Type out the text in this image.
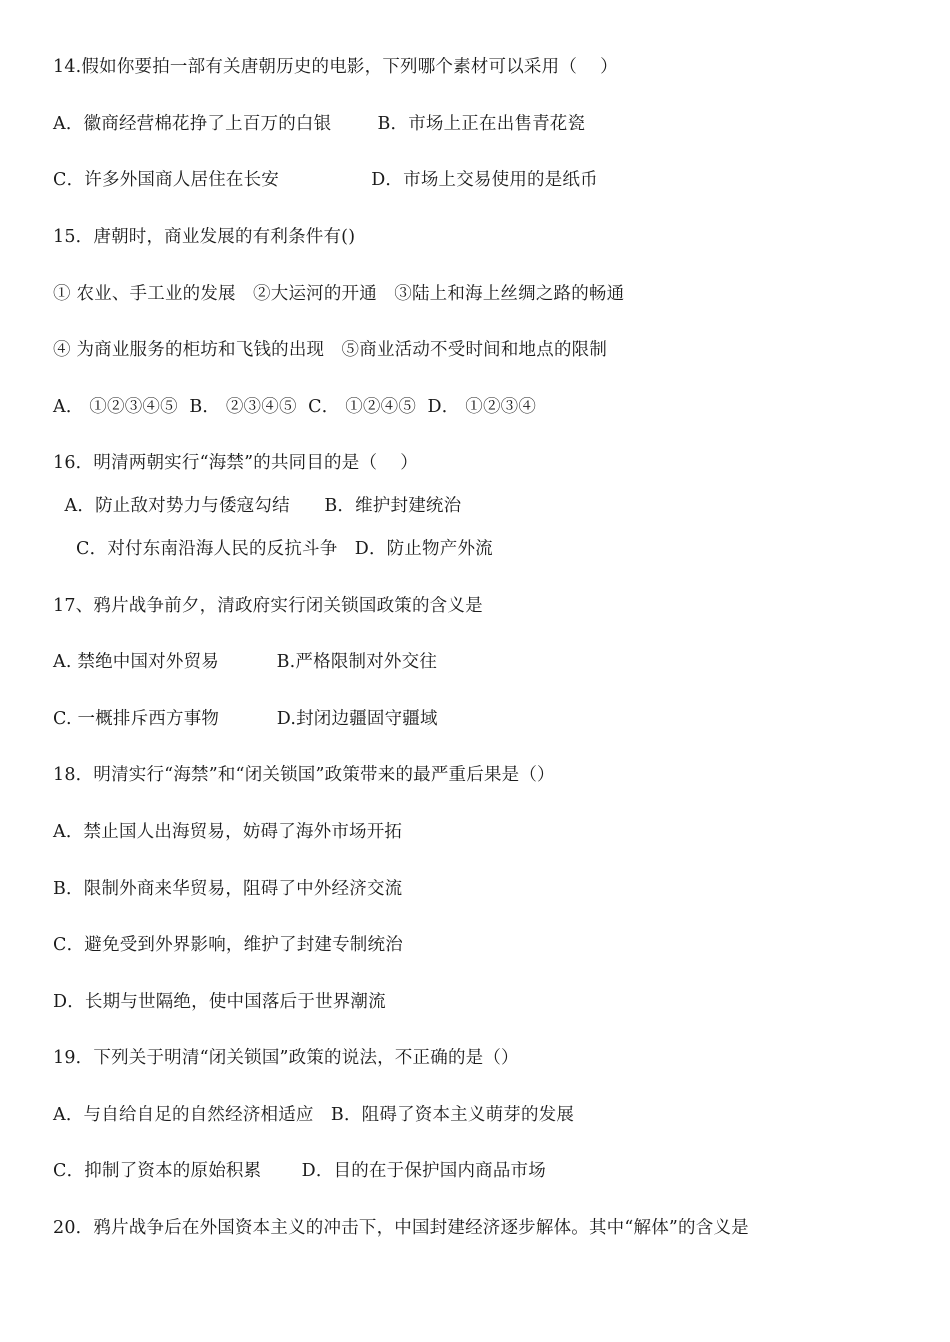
14.假如你要拍一部有关唐朝历史的电影，下列哪个素材可以采用（    ）
A．徽商经营棉花挣了上百万的白银        B．市场上正在出售青花瓷
C．许多外国商人居住在长安                D．市场上交易使用的是纸币
15．唐朝时，商业发展的有利条件有()
① 农业、手工业的发展   ②大运河的开通   ③陆上和海上丝绸之路的畅通
④ 为商业服务的柜坊和飞钱的出现   ⑤商业活动不受时间和地点的限制
A． ①②③④⑤  B． ②③④⑤  C． ①②④⑤  D． ①②③④
16．明清两朝实行“海禁”的共同目的是（    ）
A．防止敌对势力与倭寇勾结      B．维护封建统治
C．对付东南沿海人民的反抗斗争   D．防止物产外流
17、鸦片战争前夕，清政府实行闭关锁国政策的含义是
A. 禁绝中国对外贸易          B.严格限制对外交往
C. 一概排斥西方事物          D.封闭边疆固守疆域
18．明清实行“海禁”和“闭关锁国”政策带来的最严重后果是（）
A．禁止国人出海贸易，妨碍了海外市场开拓
B．限制外商来华贸易，阻碍了中外经济交流
C．避免受到外界影响，维护了封建专制统治
D．长期与世隔绝，使中国落后于世界潮流
19．下列关于明清“闭关锁国”政策的说法，不正确的是（）
A．与自给自足的自然经济相适应   B．阻碍了资本主义萌芽的发展
C．抑制了资本的原始积累       D．目的在于保护国内商品市场
20．鸦片战争后在外国资本主义的冲击下，中国封建经济逐步解体。其中“解体”的含义是
